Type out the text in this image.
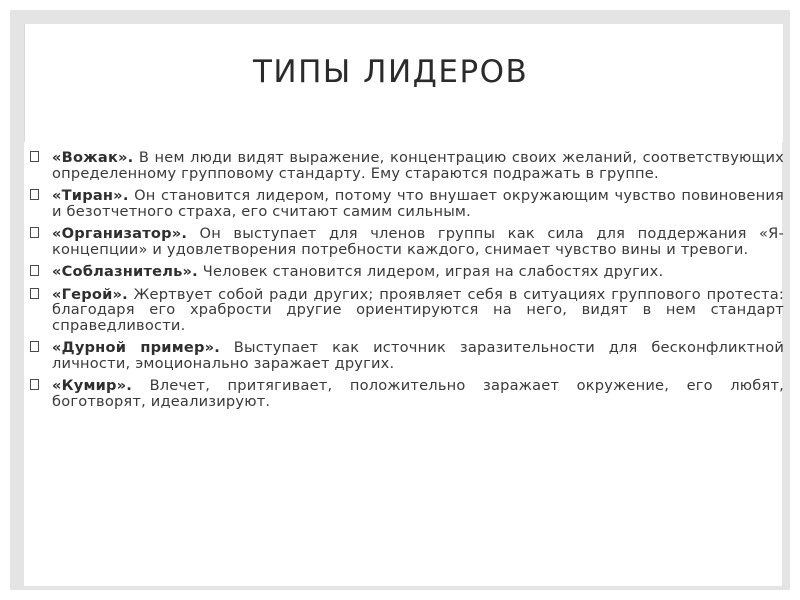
ТИПЫ ЛИДЕРОВ
«Вожак». В нем люди видят выражение, концентрацию своих желаний, соответствующих определенному групповому стандарту. Ему стараются подражать в группе.
«Тиран». Он становится лидером, потому что внушает окружающим чувство повиновения и безотчетного страха, его считают самим сильным.
«Организатор». Он выступает для членов группы как сила для поддержания «Я-концепции» и удовлетворения потребности каждого, снимает чувство вины и тревоги.
«Соблазнитель». Человек становится лидером, играя на слабостях других.
«Герой». Жертвует собой ради других; проявляет себя в ситуациях группового протеста: благодаря его храбрости другие ориентируются на него, видят в нем стандарт справедливости.
«Дурной пример». Выступает как источник заразительности для бесконфликтной личности, эмоционально заражает других.
«Кумир». Влечет, притягивает, положительно заражает окружение, его любят, боготворят, идеализируют.
